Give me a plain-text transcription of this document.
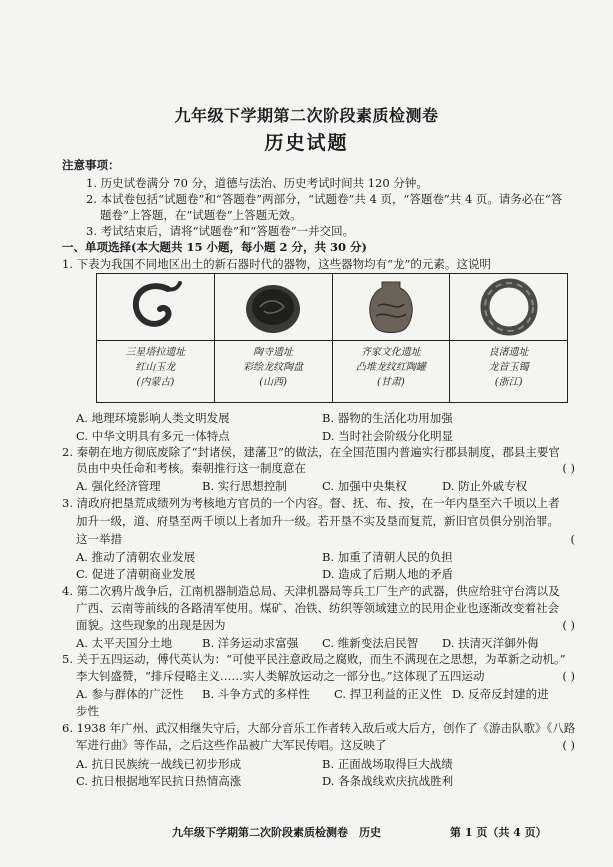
九年级下学期第二次阶段素质检测卷
历史试题
注意事项：
1. 历史试卷满分 70 分，道德与法治、历史考试时间共 120 分钟。
2. 本试卷包括“试题卷”和“答题卷”两部分，“试题卷”共 4 页，“答题卷”共 4 页。请务必在“答
题卷”上答题，在“试题卷”上答题无效。
3. 考试结束后，请将“试题卷”和“答题卷”一并交回。
一、单项选择(本大题共 15 小题，每小题 2 分，共 30 分)
1. 下表为我国不同地区出土的新石器时代的器物，这些器物均有“龙”的元素。这说明
三星塔拉遗址
红山玉龙
(内蒙古)

陶寺遗址
彩绘龙纹陶盘
(山西)

齐家文化遗址
凸堆龙纹红陶罐
(甘肃)

良渚遗址
龙首玉镯
(浙江)
A. 地理环境影响人类文明发展	B. 器物的生活化功用加强
C. 中华文明具有多元一体特点	D. 当时社会阶级分化明显
2. 秦朝在地方彻底废除了“封诸侯，建藩卫”的做法，在全国范围内普遍实行郡县制度，郡县主要官
员由中央任命和考核。秦朝推行这一制度意在	( )
A. 强化经济管理	B. 实行思想控制	C. 加强中央集权	D. 防止外戚专权
3. 清政府把垦荒成绩列为考核地方官员的一个内容。督、抚、布、按，在一年内垦至六千顷以上者
加升一级，道、府垦至两千顷以上者加升一级。若开垦不实及垦而复荒，新旧官员俱分别治罪。
这一举措	(
A. 推动了清朝农业发展	B. 加重了清朝人民的负担
C. 促进了清朝商业发展	D. 造成了后期人地的矛盾
4. 第二次鸦片战争后，江南机器制造总局、天津机器局等兵工厂生产的武器，供应给驻守台湾以及
广西、云南等前线的各路清军使用。煤矿、冶铁、纺织等领域建立的民用企业也逐渐改变着社会
面貌。这些现象的出现是因为	( )
A. 太平天国分土地	B. 洋务运动求富强 C. 维新变法启民智 D. 扶清灭洋御外侮
5. 关于五四运动，傅代英认为：“可使平民注意政局之腐败，而生不满现在之思想，为革新之动机。”
李大钊盛赞，“排斥侵略主义……实人类解放运动之一部分也。”这体现了五四运动	( )
A. 参与群体的广泛性 B. 斗争方式的多样性 C. 捍卫利益的正义性 D. 反帝反封建的进
步性
6. 1938 年广州、武汉相继失守后，大部分音乐工作者转入敌后或大后方，创作了《游击队歌》《八路
军进行曲》等作品，之后这些作品被广大军民传唱。这反映了	( )
A. 抗日民族统一战线已初步形成	B. 正面战场取得巨大战绩
C. 抗日根据地军民抗日热情高涨	D. 各条战线欢庆抗战胜利
九年级下学期第二次阶段素质检测卷　历史	第 1 页（共 4 页）
